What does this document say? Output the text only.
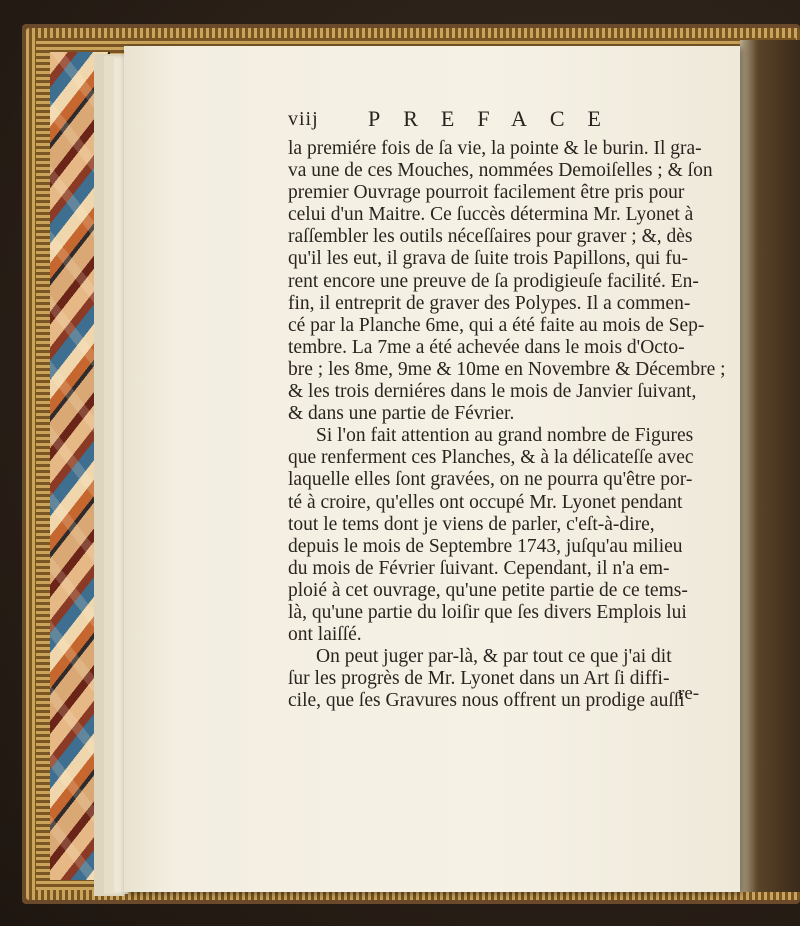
viij PREFACE
la premiére fois de ſa vie, la pointe & le burin. Il gra-
va une de ces Mouches, nommées Demoiſelles ; & ſon
premier Ouvrage pourroit facilement être pris pour
celui d'un Maitre. Ce ſuccès détermina Mr. Lyonet à
raſſembler les outils néceſſaires pour graver ; &, dès
qu'il les eut, il grava de ſuite trois Papillons, qui fu-
rent encore une preuve de ſa prodigieuſe facilité. En-
fin, il entreprit de graver des Polypes. Il a commen-
cé par la Planche 6me, qui a été faite au mois de Sep-
tembre. La 7me a été achevée dans le mois d'Octo-
bre ; les 8me, 9me & 10me en Novembre & Décembre ;
& les trois derniéres dans le mois de Janvier ſuivant,
& dans une partie de Février.
Si l'on fait attention au grand nombre de Figures
que renferment ces Planches, & à la délicateſſe avec
laquelle elles ſont gravées, on ne pourra qu'être por-
té à croire, qu'elles ont occupé Mr. Lyonet pendant
tout le tems dont je viens de parler, c'eſt-à-dire,
depuis le mois de Septembre 1743, juſqu'au milieu
du mois de Février ſuivant. Cependant, il n'a em-
ploié à cet ouvrage, qu'une petite partie de ce tems-
là, qu'une partie du loiſir que ſes divers Emplois lui
ont laiſſé.
On peut juger par-là, & par tout ce que j'ai dit
ſur les progrès de Mr. Lyonet dans un Art ſi diffi-
cile, que ſes Gravures nous offrent un prodige auſſi
re-
